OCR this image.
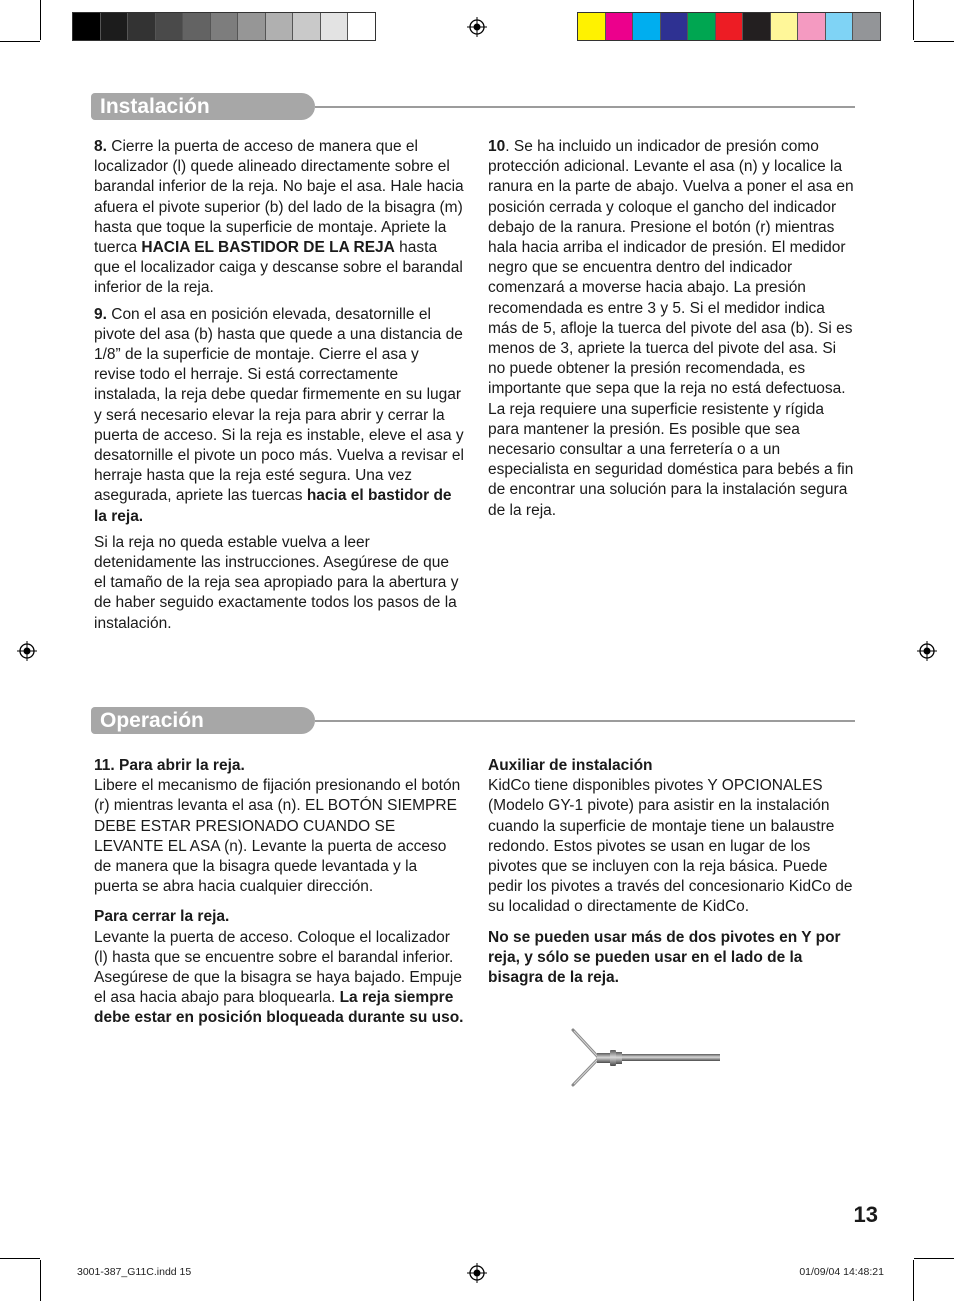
Instalación

8. Cierre la puerta de acceso de manera que el localizador (l) quede alineado directamente sobre el barandal inferior de la reja. No baje el asa. Hale hacia afuera el pivote superior (b) del lado de la bisagra (m) hasta que toque la superficie de montaje. Apriete la tuerca HACIA EL BASTIDOR DE LA REJA hasta que el localizador caiga y descanse sobre el barandal inferior de la reja.

9. Con el asa en posición elevada, desatornille el pivote del asa (b) hasta que quede a una distancia de 1/8” de la superficie de montaje. Cierre el asa y revise todo el herraje. Si está correctamente instalada, la reja debe quedar firmemente en su lugar y será necesario elevar la reja para abrir y cerrar la puerta de acceso. Si la reja es instable, eleve el asa y desatornille el pivote un poco más. Vuelva a revisar el herraje hasta que la reja esté segura. Una vez asegurada, apriete las tuercas hacia el bastidor de la reja.

Si la reja no queda estable vuelva a leer detenidamente las instrucciones. Asegúrese de que el tamaño de la reja sea apropiado para la abertura y de haber seguido exactamente todos los pasos de la instalación.

10. Se ha incluido un indicador de presión como protección adicional. Levante el asa (n) y localice la ranura en la parte de abajo. Vuelva a poner el asa en posición cerrada y coloque el gancho del indicador debajo de la ranura. Presione el botón (r) mientras hala hacia arriba el indicador de presión. El medidor negro que se encuentra dentro del indicador comenzará a moverse hacia abajo. La presión recomendada es entre 3 y 5. Si el medidor indica más de 5, afloje la tuerca del pivote del asa (b). Si es menos de 3, apriete la tuerca del pivote del asa. Si no puede obtener la presión recomendada, es importante que sepa que la reja no está defectuosa. La reja requiere una superficie resistente y rígida para mantener la presión. Es posible que sea necesario consultar a una ferretería o a un especialista en seguridad doméstica para bebés a fin de encontrar una solución para la instalación segura de la reja.

Operación

11. Para abrir la reja.
Libere el mecanismo de fijación presionando el botón (r) mientras levanta el asa (n). EL BOTÓN SIEMPRE DEBE ESTAR PRESIONADO CUANDO SE LEVANTE EL ASA (n). Levante la puerta de acceso de manera que la bisagra quede levantada y la puerta se abra hacia cualquier dirección.

Para cerrar la reja.
Levante la puerta de acceso. Coloque el localizador (l) hasta que se encuentre sobre el barandal inferior. Asegúrese de que la bisagra se haya bajado. Empuje el asa hacia abajo para bloquearla. La reja siempre debe estar en posición bloqueada durante su uso.

Auxiliar de instalación
KidCo tiene disponibles pivotes Y OPCIONALES (Modelo GY-1 pivote) para asistir en la instalación cuando la superficie de montaje tiene un balaustre redondo. Estos pivotes se usan en lugar de los pivotes que se incluyen con la reja básica. Puede pedir los pivotes a través del concesionario KidCo de su localidad o directamente de KidCo.

No se pueden usar más de dos pivotes en Y por reja, y sólo se pueden usar en el lado de la bisagra de la reja.

13
3001-387_G11C.indd 15	01/09/04 14:48:21
